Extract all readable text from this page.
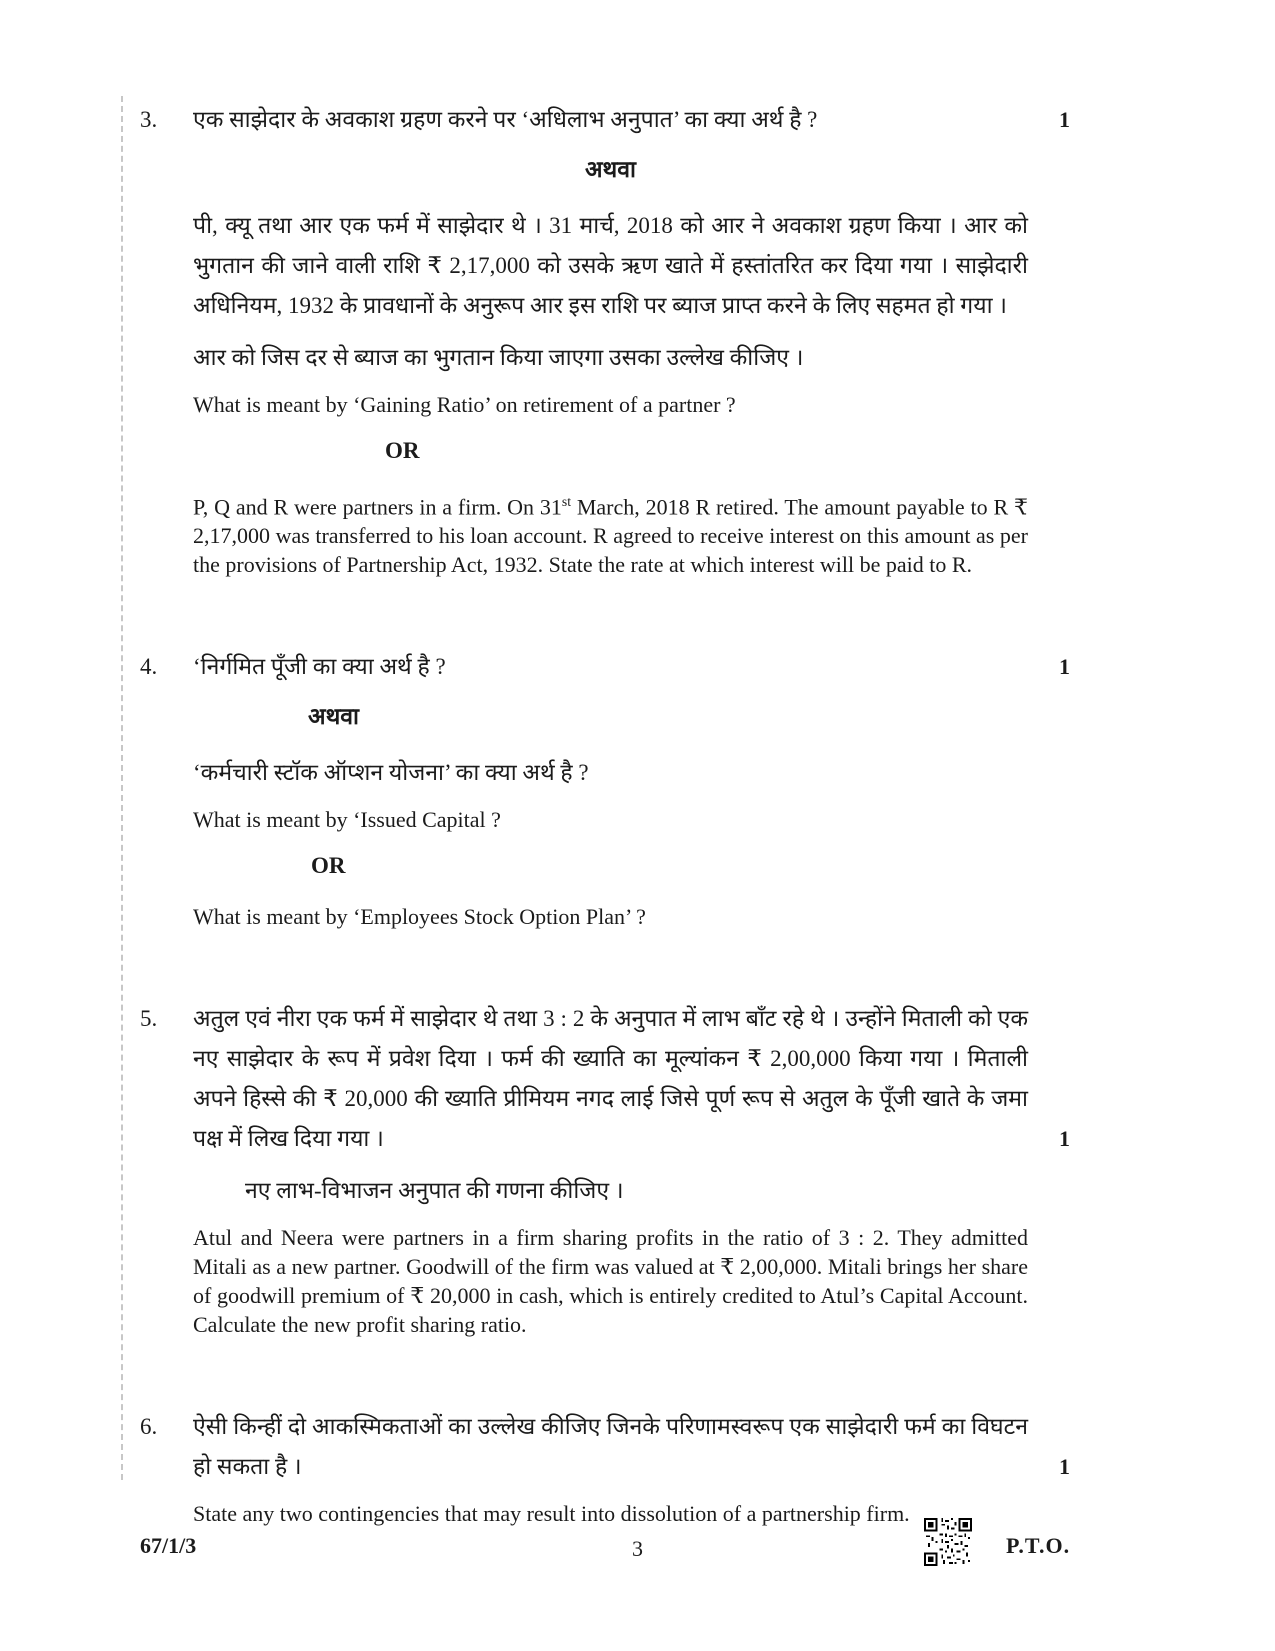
3.	एक साझेदार के अवकाश ग्रहण करने पर ‘अधिलाभ अनुपात’ का क्या अर्थ है ?	1

अथवा

पी, क्यू तथा आर एक फर्म में साझेदार थे । 31 मार्च, 2018 को आर ने अवकाश ग्रहण किया । आर को भुगतान की जाने वाली राशि ₹ 2,17,000 को उसके ऋण खाते में हस्तांतरित कर दिया गया । साझेदारी अधिनियम, 1932 के प्रावधानों के अनुरूप आर इस राशि पर ब्याज प्राप्त करने के लिए सहमत हो गया ।

आर को जिस दर से ब्याज का भुगतान किया जाएगा उसका उल्लेख कीजिए ।

What is meant by ‘Gaining Ratio’ on retirement of a partner ?

OR

P, Q and R were partners in a firm. On 31st March, 2018 R retired. The amount payable to R ₹ 2,17,000 was transferred to his loan account. R agreed to receive interest on this amount as per the provisions of Partnership Act, 1932. State the rate at which interest will be paid to R.

4.	‘निर्गमित पूँजी का क्या अर्थ है ?	1

अथवा

‘कर्मचारी स्टॉक ऑप्शन योजना’ का क्या अर्थ है ?

What is meant by ‘Issued Capital ?

OR

What is meant by ‘Employees Stock Option Plan’ ?

5.	अतुल एवं नीरा एक फर्म में साझेदार थे तथा 3 : 2 के अनुपात में लाभ बाँट रहे थे । उन्होंने मिताली को एक नए साझेदार के रूप में प्रवेश दिया । फर्म की ख्याति का मूल्यांकन ₹ 2,00,000 किया गया । मिताली अपने हिस्से की ₹ 20,000 की ख्याति प्रीमियम नगद लाई जिसे पूर्ण रूप से अतुल के पूँजी खाते के जमा पक्ष में लिख दिया गया ।	1

नए लाभ-विभाजन अनुपात की गणना कीजिए ।

Atul and Neera were partners in a firm sharing profits in the ratio of 3 : 2. They admitted Mitali as a new partner. Goodwill of the firm was valued at ₹ 2,00,000. Mitali brings her share of goodwill premium of ₹ 20,000 in cash, which is entirely credited to Atul’s Capital Account. Calculate the new profit sharing ratio.

6.	ऐसी किन्हीं दो आकस्मिकताओं का उल्लेख कीजिए जिनके परिणामस्वरूप एक साझेदारी फर्म का विघटन हो सकता है ।	1

State any two contingencies that may result into dissolution of a partnership firm.

67/1/3	3	P.T.O.
